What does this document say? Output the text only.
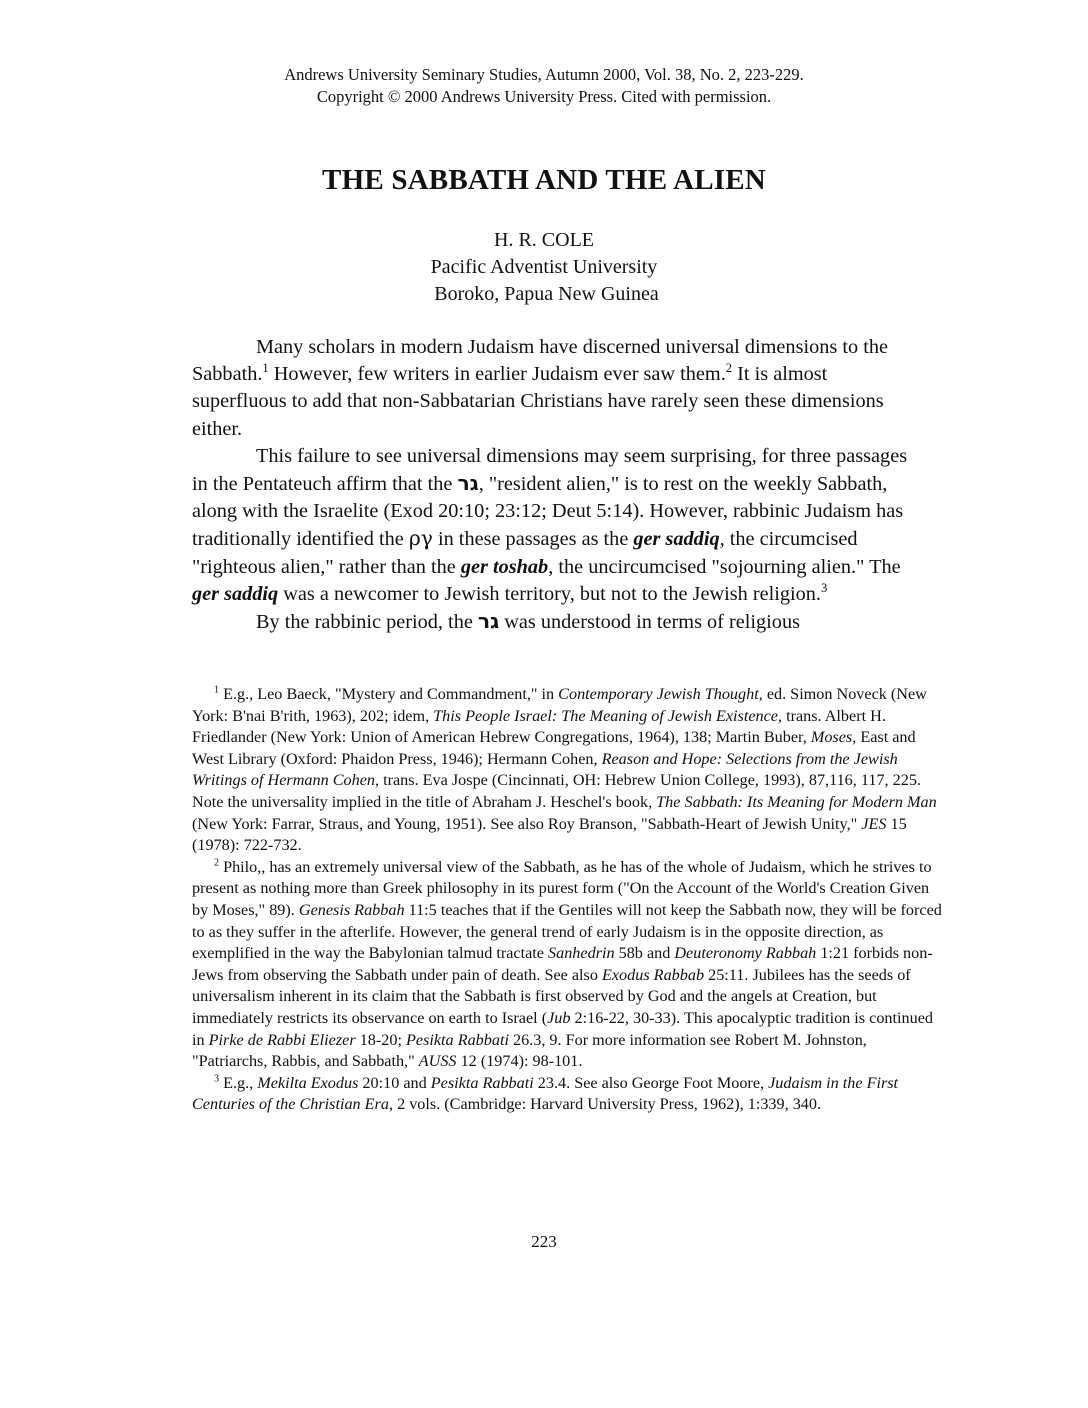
Andrews University Seminary Studies, Autumn 2000, Vol. 38, No. 2, 223-229.
Copyright © 2000 Andrews University Press. Cited with permission.
THE SABBATH AND THE ALIEN
H. R. COLE
Pacific Adventist University
Boroko, Papua New Guinea

Many scholars in modern Judaism have discerned universal dimensions to the Sabbath.$^1$ However, few writers in earlier Judaism ever saw them.$^2$ It is almost superfluous to add that non-Sabbatarian Christians have rarely seen these dimensions either.

This failure to see universal dimensions may seem surprising, for three passages in the Pentateuch affirm that the גר, "resident alien," is to rest on the weekly Sabbath, along with the Israelite (Exod 20:10; 23:12; Deut 5:14). However, rabbinic Judaism has traditionally identified the ργ in these passages as the ger saddiq, the circumcised "righteous alien," rather than the ger toshab, the uncircumcised "sojourning alien." The ger saddiq was a newcomer to Jewish territory, but not to the Jewish religion.$^3$

By the rabbinic period, the גר was understood in terms of religious

$^1$ E.g., Leo Baeck, "Mystery and Commandment," in Contemporary Jewish Thought, ed. Simon Noveck (New York: B'nai B'rith, 1963), 202; idem, This People Israel: The Meaning of Jewish Existence, trans. Albert H. Friedlander (New York: Union of American Hebrew Congregations, 1964), 138; Martin Buber, Moses, East and West Library (Oxford: Phaidon Press, 1946); Hermann Cohen, Reason and Hope: Selections from the Jewish Writings of Hermann Cohen, trans. Eva Jospe (Cincinnati, OH: Hebrew Union College, 1993), 87,116, 117, 225. Note the universality implied in the title of Abraham J. Heschel's book, The Sabbath: Its Meaning for Modern Man (New York: Farrar, Straus, and Young, 1951). See also Roy Branson, "Sabbath-Heart of Jewish Unity," JES 15 (1978): 722-732.

$^2$ Philo,, has an extremely universal view of the Sabbath, as he has of the whole of Judaism, which he strives to present as nothing more than Greek philosophy in its purest form ("On the Account of the World's Creation Given by Moses," 89). Genesis Rabbah 11:5 teaches that if the Gentiles will not keep the Sabbath now, they will be forced to as they suffer in the afterlife. However, the general trend of early Judaism is in the opposite direction, as exemplified in the way the Babylonian talmud tractate Sanhedrin 58b and Deuteronomy Rabbah 1:21 forbids non-Jews from observing the Sabbath under pain of death. See also Exodus Rabbab 25:11. Jubilees has the seeds of universalism inherent in its claim that the Sabbath is first observed by God and the angels at Creation, but immediately restricts its observance on earth to Israel (Jub 2:16-22, 30-33). This apocalyptic tradition is continued in Pirke de Rabbi Eliezer 18-20; Pesikta Rabbati 26.3, 9. For more information see Robert M. Johnston, "Patriarchs, Rabbis, and Sabbath," AUSS 12 (1974): 98-101.

$^3$ E.g., Mekilta Exodus 20:10 and Pesikta Rabbati 23.4. See also George Foot Moore, Judaism in the First Centuries of the Christian Era, 2 vols. (Cambridge: Harvard University Press, 1962), 1:339, 340.

223
